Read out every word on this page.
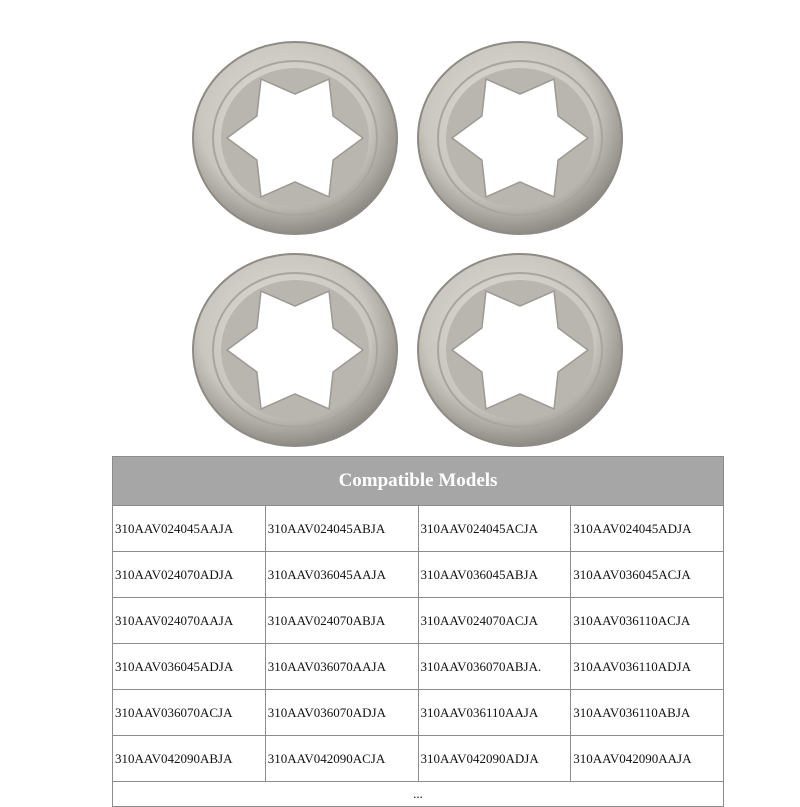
Compatible Models			
310AAV024045AAJA	310AAV024045ABJA	310AAV024045ACJA	310AAV024045ADJA
310AAV024070ADJA	310AAV036045AAJA	310AAV036045ABJA	310AAV036045ACJA
310AAV024070AAJA	310AAV024070ABJA	310AAV024070ACJA	310AAV036110ACJA
310AAV036045ADJA	310AAV036070AAJA	310AAV036070ABJA.	310AAV036110ADJA
310AAV036070ACJA	310AAV036070ADJA	310AAV036110AAJA	310AAV036110ABJA
310AAV042090ABJA	310AAV042090ACJA	310AAV042090ADJA	310AAV042090AAJA
...			
